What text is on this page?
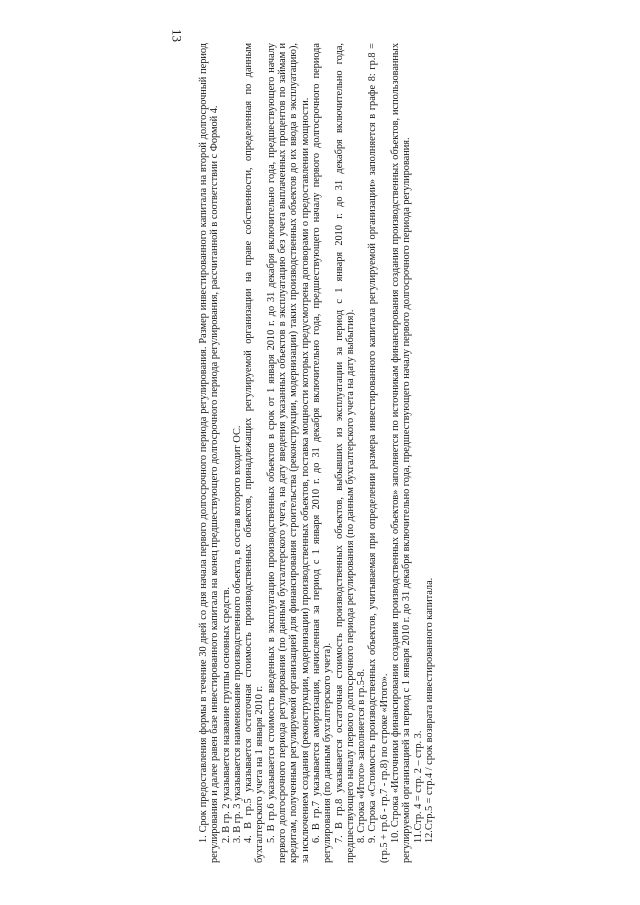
13

1. Срок предоставления формы в течение 30 дней со дня начала первого долгосрочного периода регулирования. Размер инвестированного капитала на второй долгосрочный период регулирования и далее равен базе инвестированного капитала на конец предшествующего долгосрочного периода регулирования, рассчитанной в соответствии с Формой 4. 2. В гр. 2 указывается название группы основных средств. 3. В гр. 3 указывается наименование производственного объекта, в состав которого входит ОС. 4. В гр.5 указывается остаточная стоимость производственных объектов, принадлежащих регулируемой организации на праве собственности, определенная по данным бухгалтерского учета на 1 января 2010 г. 5. В гр.6 указывается стоимость введенных в эксплуатацию производственных объектов в срок от 1 января 2010 г. до 31 декабря включительно года, предшествующего началу первого долгосрочного периода регулирования (по данным бухгалтерского учета, на дату введения указанных объектов в эксплуатацию без учета выплаченных процентов по займам и кредитам, полученным регулируемой организацией для финансирования строительства (реконструкции, модернизации) таких производственных объектов до их ввода в эксплуатацию), за исключением создания (реконструкции, модернизации) производственных объектов, поставка мощности которых предусмотрена договорами о предоставлении мощности. 6. В гр.7 указывается амортизация, начисленная за период с 1 января 2010 г. до 31 декабря включительно года, предшествующего началу первого долгосрочного периода регулирования (по данным бухгалтерского учета). 7. В гр.8 указывается остаточная стоимость производственных объектов, выбывших из эксплуатации за период с 1 января 2010 г. до 31 декабря включительно года, предшествующего началу первого долгосрочного периода регулирования (по данным бухгалтерского учета на дату выбытия). 8. Строка «Итого» заполняется в гр.5-8. 9. Строка «Стоимость производственных объектов, учитываемая при определении размера инвестированного капитала регулируемой организации» заполняется в графе 8: гр.8 = (гр.5 + гр.6 - гр.7 - гр.8) по строке «Итого». 10. Строка «Источники финансирования создания производственных объектов» заполняется по источникам финансирования создания производственных объектов, использованных регулируемой организацией за период с 1 января 2010 г. до 31 декабря включительно года, предшествующего началу первого долгосрочного периода регулирования. 11.Стр. 4 = стр. 2 – стр. 3. 12.Стр.5 = стр.4 / срок возврата инвестированного капитала.
